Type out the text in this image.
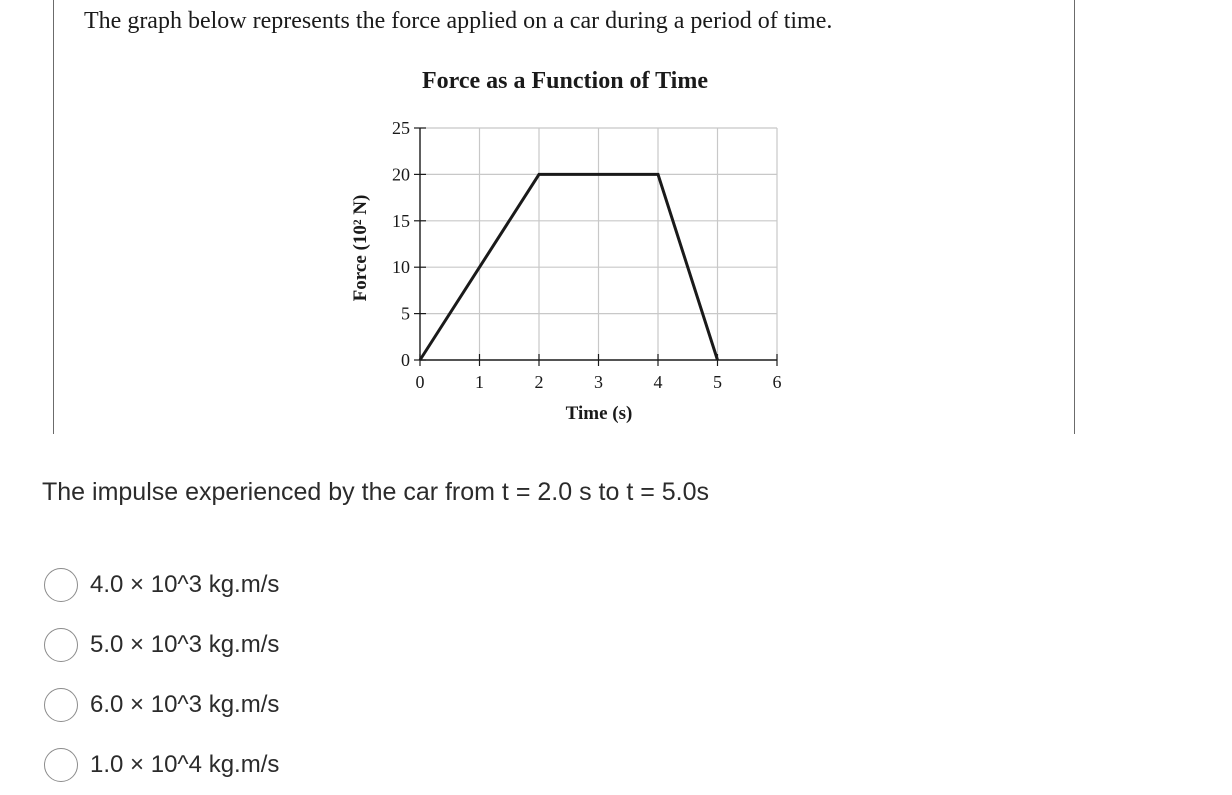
The graph below represents the force applied on a car during a period of time.
Force as a Function of Time
0
5
10
15
20
25
0	1	2	3	4	5	6
Time (s)
Force (10² N)
The impulse experienced by the car from t = 2.0 s to t = 5.0s
4.0 × 10^3 kg.m/s
5.0 × 10^3 kg.m/s
6.0 × 10^3 kg.m/s
1.0 × 10^4 kg.m/s
